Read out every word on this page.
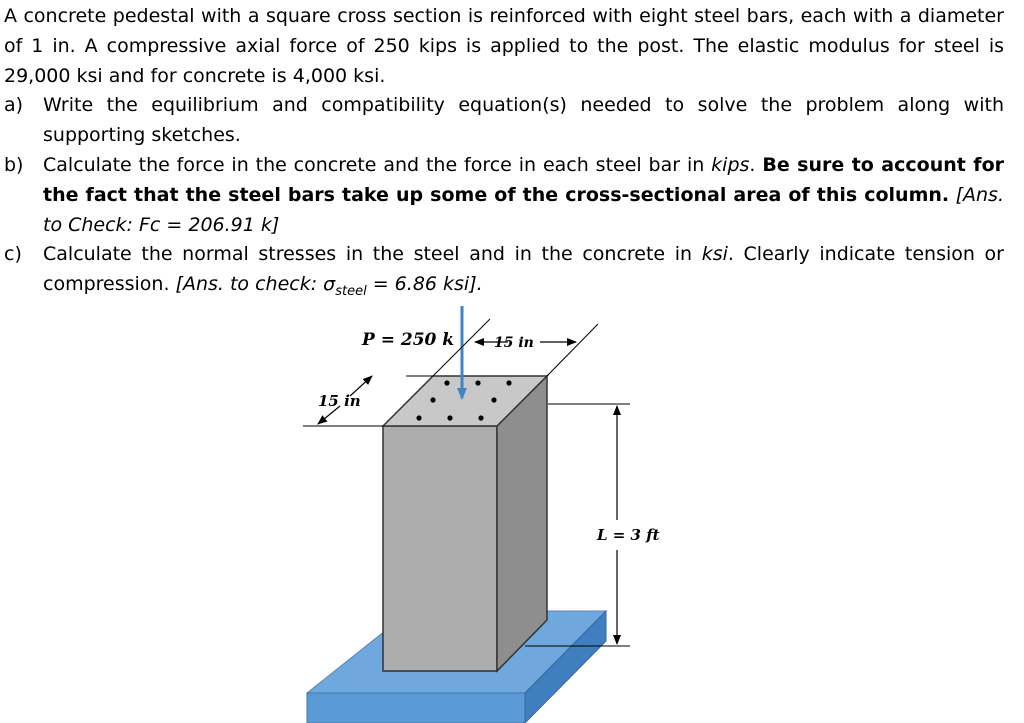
A concrete pedestal with a square cross section is reinforced with eight steel bars, each with a diameter of 1 in. A compressive axial force of 250 kips is applied to the post. The elastic modulus for steel is 29,000 ksi and for concrete is 4,000 ksi.
a)	Write the equilibrium and compatibility equation(s) needed to solve the problem along with supporting sketches.
b)	Calculate the force in the concrete and the force in each steel bar in kips. Be sure to account for the fact that the steel bars take up some of the cross-sectional area of this column. [Ans. to Check: Fc = 206.91 k]
c)	Calculate the normal stresses in the steel and in the concrete in ksi. Clearly indicate tension or compression. [Ans. to check: $\sigma_{steel} = 6.86$ ksi].
P = 250 k	15 in
15 in
L = 3 ft
